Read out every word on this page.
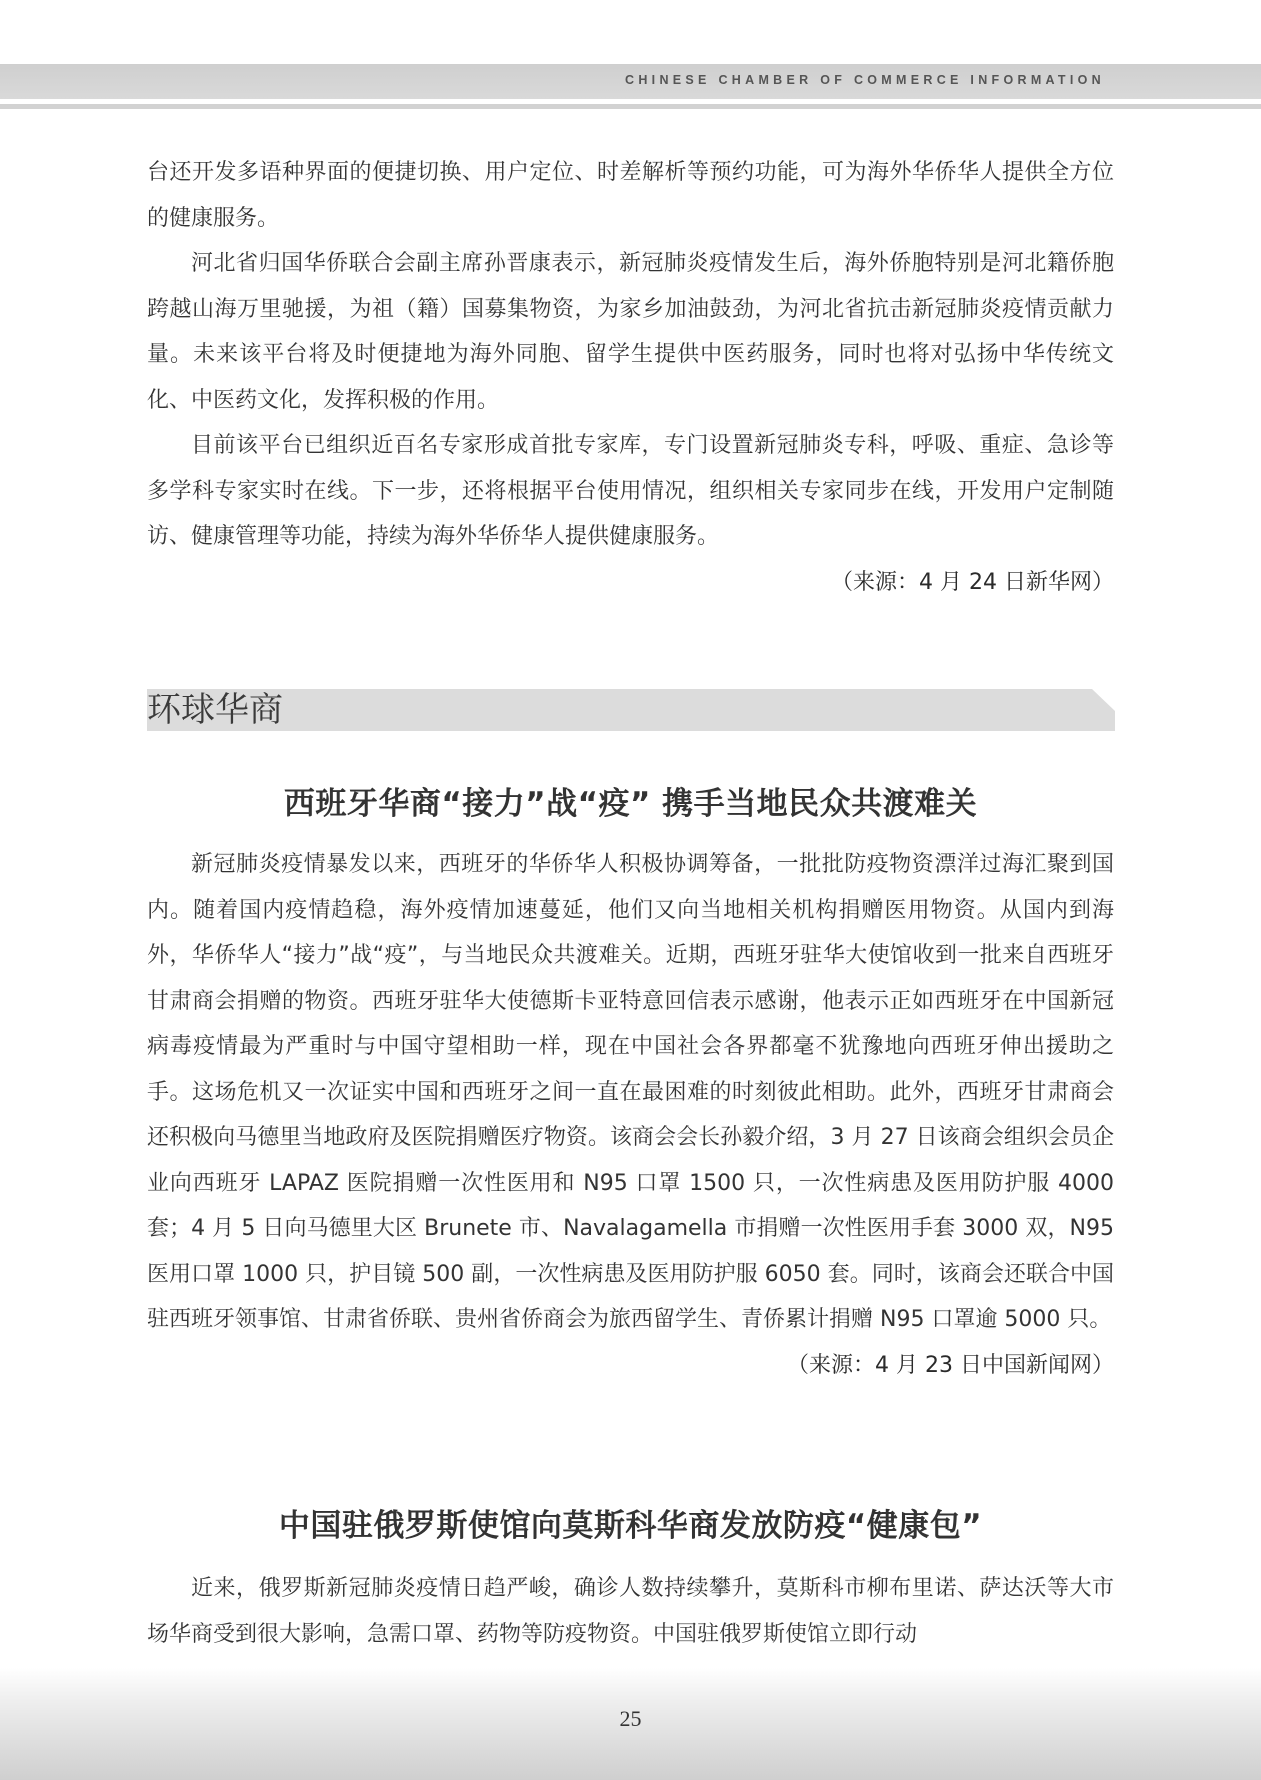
CHINESE CHAMBER OF COMMERCE INFORMATION

台还开发多语种界面的便捷切换、用户定位、时差解析等预约功能，可为海外华侨华人提供全方位的健康服务。

河北省归国华侨联合会副主席孙晋康表示，新冠肺炎疫情发生后，海外侨胞特别是河北籍侨胞跨越山海万里驰援，为祖（籍）国募集物资，为家乡加油鼓劲，为河北省抗击新冠肺炎疫情贡献力量。未来该平台将及时便捷地为海外同胞、留学生提供中医药服务，同时也将对弘扬中华传统文化、中医药文化，发挥积极的作用。

目前该平台已组织近百名专家形成首批专家库，专门设置新冠肺炎专科，呼吸、重症、急诊等多学科专家实时在线。下一步，还将根据平台使用情况，组织相关专家同步在线，开发用户定制随访、健康管理等功能，持续为海外华侨华人提供健康服务。

（来源：4 月 24 日新华网）

环球华商
西班牙华商“接力”战“疫” 携手当地民众共渡难关

新冠肺炎疫情暴发以来，西班牙的华侨华人积极协调筹备，一批批防疫物资漂洋过海汇聚到国内。随着国内疫情趋稳，海外疫情加速蔓延，他们又向当地相关机构捐赠医用物资。从国内到海外，华侨华人“接力”战“疫”，与当地民众共渡难关。近期，西班牙驻华大使馆收到一批来自西班牙甘肃商会捐赠的物资。西班牙驻华大使德斯卡亚特意回信表示感谢，他表示正如西班牙在中国新冠病毒疫情最为严重时与中国守望相助一样，现在中国社会各界都毫不犹豫地向西班牙伸出援助之手。这场危机又一次证实中国和西班牙之间一直在最困难的时刻彼此相助。此外，西班牙甘肃商会还积极向马德里当地政府及医院捐赠医疗物资。该商会会长孙毅介绍，3 月 27 日该商会组织会员企业向西班牙 LAPAZ 医院捐赠一次性医用和 N95 口罩 1500 只，一次性病患及医用防护服 4000 套；4 月 5 日向马德里大区 Brunete 市、Navalagamella 市捐赠一次性医用手套 3000 双，N95 医用口罩 1000 只，护目镜 500 副，一次性病患及医用防护服 6050 套。同时，该商会还联合中国驻西班牙领事馆、甘肃省侨联、贵州省侨商会为旅西留学生、青侨累计捐赠 N95 口罩逾 5000 只。

（来源：4 月 23 日中国新闻网）

中国驻俄罗斯使馆向莫斯科华商发放防疫“健康包”

近来，俄罗斯新冠肺炎疫情日趋严峻，确诊人数持续攀升，莫斯科市柳布里诺、萨达沃等大市场华商受到很大影响，急需口罩、药物等防疫物资。中国驻俄罗斯使馆立即行动

25
